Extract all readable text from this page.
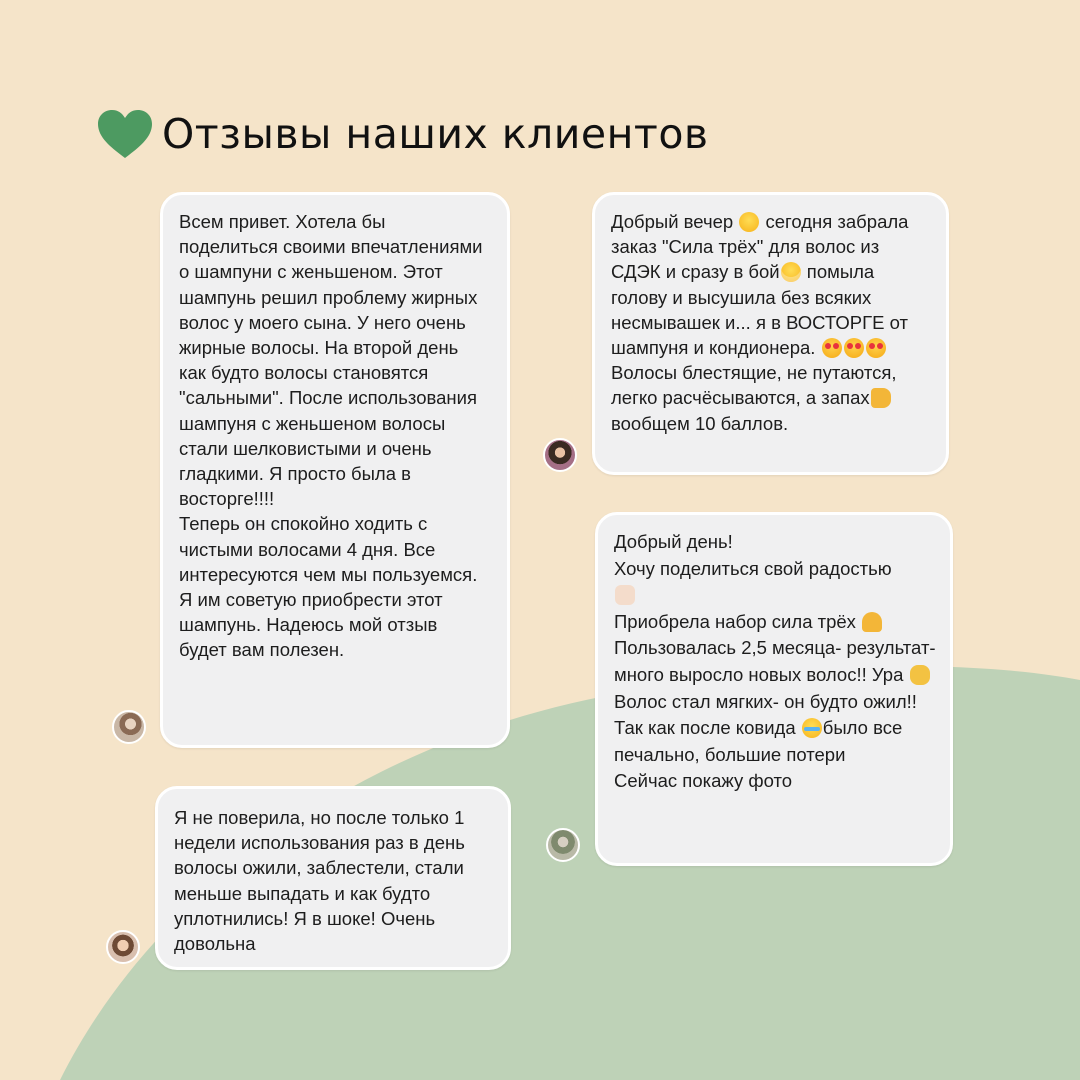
Отзывы наших клиентов

Всем привет. Хотела бы поделиться своими впечатлениями о шампуни с женьшеном. Этот шампунь решил проблему жирных волос у моего сына. У него очень жирные волосы. На второй день как будто волосы становятся "сальными". После использования шампуня с женьшеном волосы стали шелковистыми и очень гладкими. Я просто была в восторге!!!!

Теперь он спокойно ходить с чистыми волосами 4 дня. Все интересуются чем мы пользуемся. Я им советую приобрести этот шампунь. Надеюсь мой отзыв будет вам полезен.

Я не поверила, но после только 1 недели использования раз в день волосы ожили, заблестели, стали меньше выпадать и как будто уплотнились! Я в шоке! Очень довольна

Добрый вечер сегодня забрала заказ "Сила трёх" для волос из СДЭК и сразу в бой помыла голову и высушила без всяких несмывашек и... я в ВОСТОРГЕ от шампуня и кондионера.  Волосы блестящие, не путаются, легко расчёсываются, а запах вообщем 10 баллов.

Добрый день!

Хочу поделиться свой радостью

Приобрела набор сила трёх

Пользовалась 2,5 месяца- результат- много выросло новых волос!! Ура

Волос стал мягких- он будто ожил!!

Так как после ковида было все печально, большие потери

Сейчас покажу фото
